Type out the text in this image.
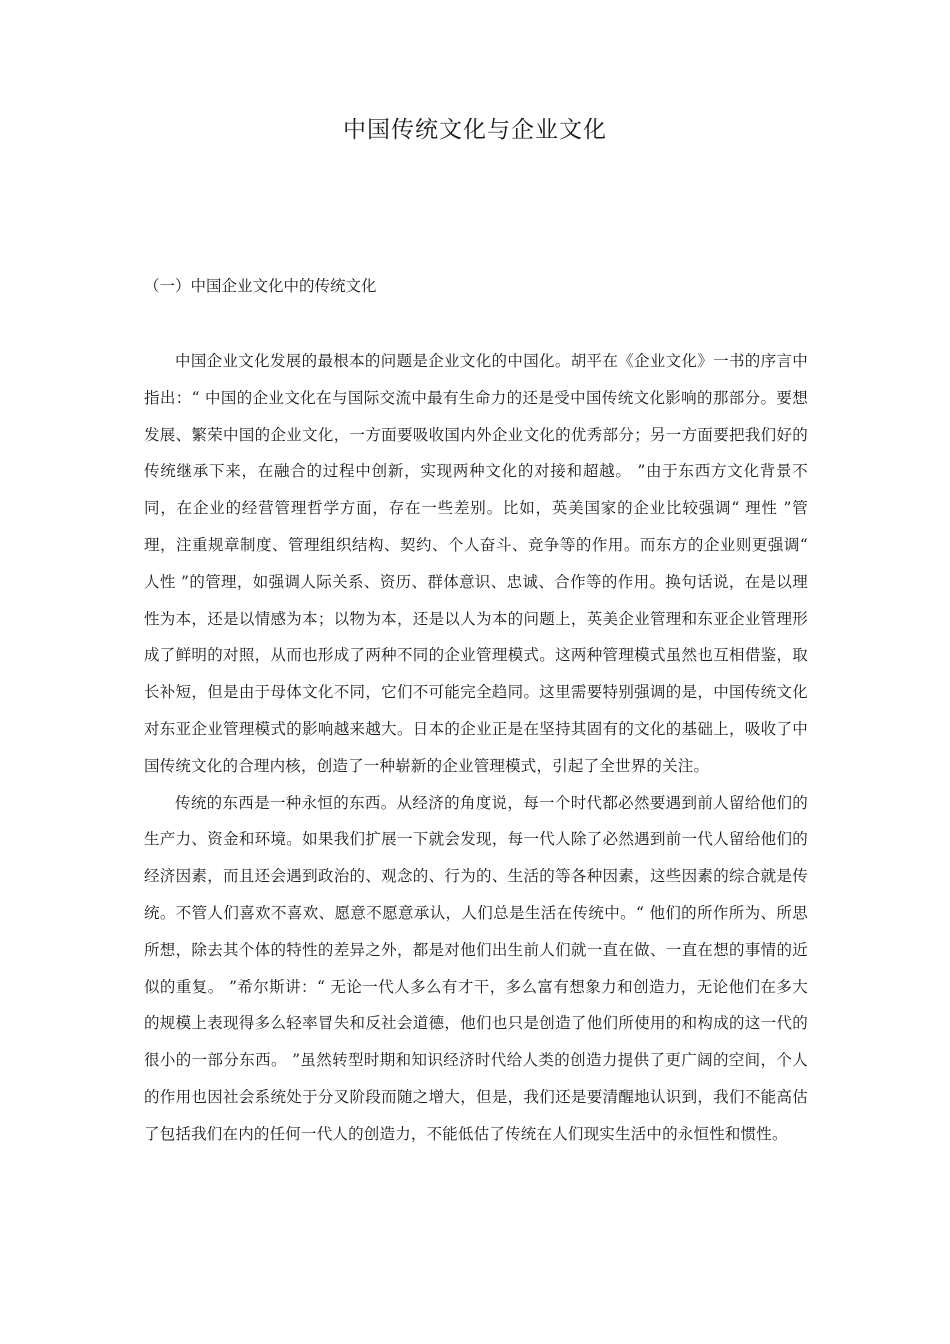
中国传统文化与企业文化
（一）中国企业文化中的传统文化

中国企业文化发展的最根本的问题是企业文化的中国化。胡平在《企业文化》一书的序言中指出：“ 中国的企业文化在与国际交流中最有生命力的还是受中国传统文化影响的那部分。要想发展、繁荣中国的企业文化，一方面要吸收国内外企业文化的优秀部分；另一方面要把我们好的传统继承下来，在融合的过程中创新，实现两种文化的对接和超越。 ”由于东西方文化背景不同，在企业的经营管理哲学方面，存在一些差别。比如，英美国家的企业比较强调“ 理性 ”管理，注重规章制度、管理组织结构、契约、个人奋斗、竞争等的作用。而东方的企业则更强调“ 人性 ”的管理，如强调人际关系、资历、群体意识、忠诚、合作等的作用。换句话说，在是以理性为本，还是以情感为本；以物为本，还是以人为本的问题上，英美企业管理和东亚企业管理形成了鲜明的对照，从而也形成了两种不同的企业管理模式。这两种管理模式虽然也互相借鉴，取长补短，但是由于母体文化不同，它们不可能完全趋同。这里需要特别强调的是，中国传统文化对东亚企业管理模式的影响越来越大。日本的企业正是在坚持其固有的文化的基础上，吸收了中国传统文化的合理内核，创造了一种崭新的企业管理模式，引起了全世界的关注。

传统的东西是一种永恒的东西。从经济的角度说，每一个时代都必然要遇到前人留给他们的生产力、资金和环境。如果我们扩展一下就会发现，每一代人除了必然遇到前一代人留给他们的经济因素，而且还会遇到政治的、观念的、行为的、生活的等各种因素，这些因素的综合就是传统。不管人们喜欢不喜欢、愿意不愿意承认，人们总是生活在传统中。“ 他们的所作所为、所思所想，除去其个体的特性的差异之外，都是对他们出生前人们就一直在做、一直在想的事情的近似的重复。 ”希尔斯讲：“ 无论一代人多么有才干，多么富有想象力和创造力，无论他们在多大的规模上表现得多么轻率冒失和反社会道德，他们也只是创造了他们所使用的和构成的这一代的很小的一部分东西。 ”虽然转型时期和知识经济时代给人类的创造力提供了更广阔的空间，个人的作用也因社会系统处于分叉阶段而随之增大，但是，我们还是要清醒地认识到，我们不能高估了包括我们在内的任何一代人的创造力，不能低估了传统在人们现实生活中的永恒性和惯性。
